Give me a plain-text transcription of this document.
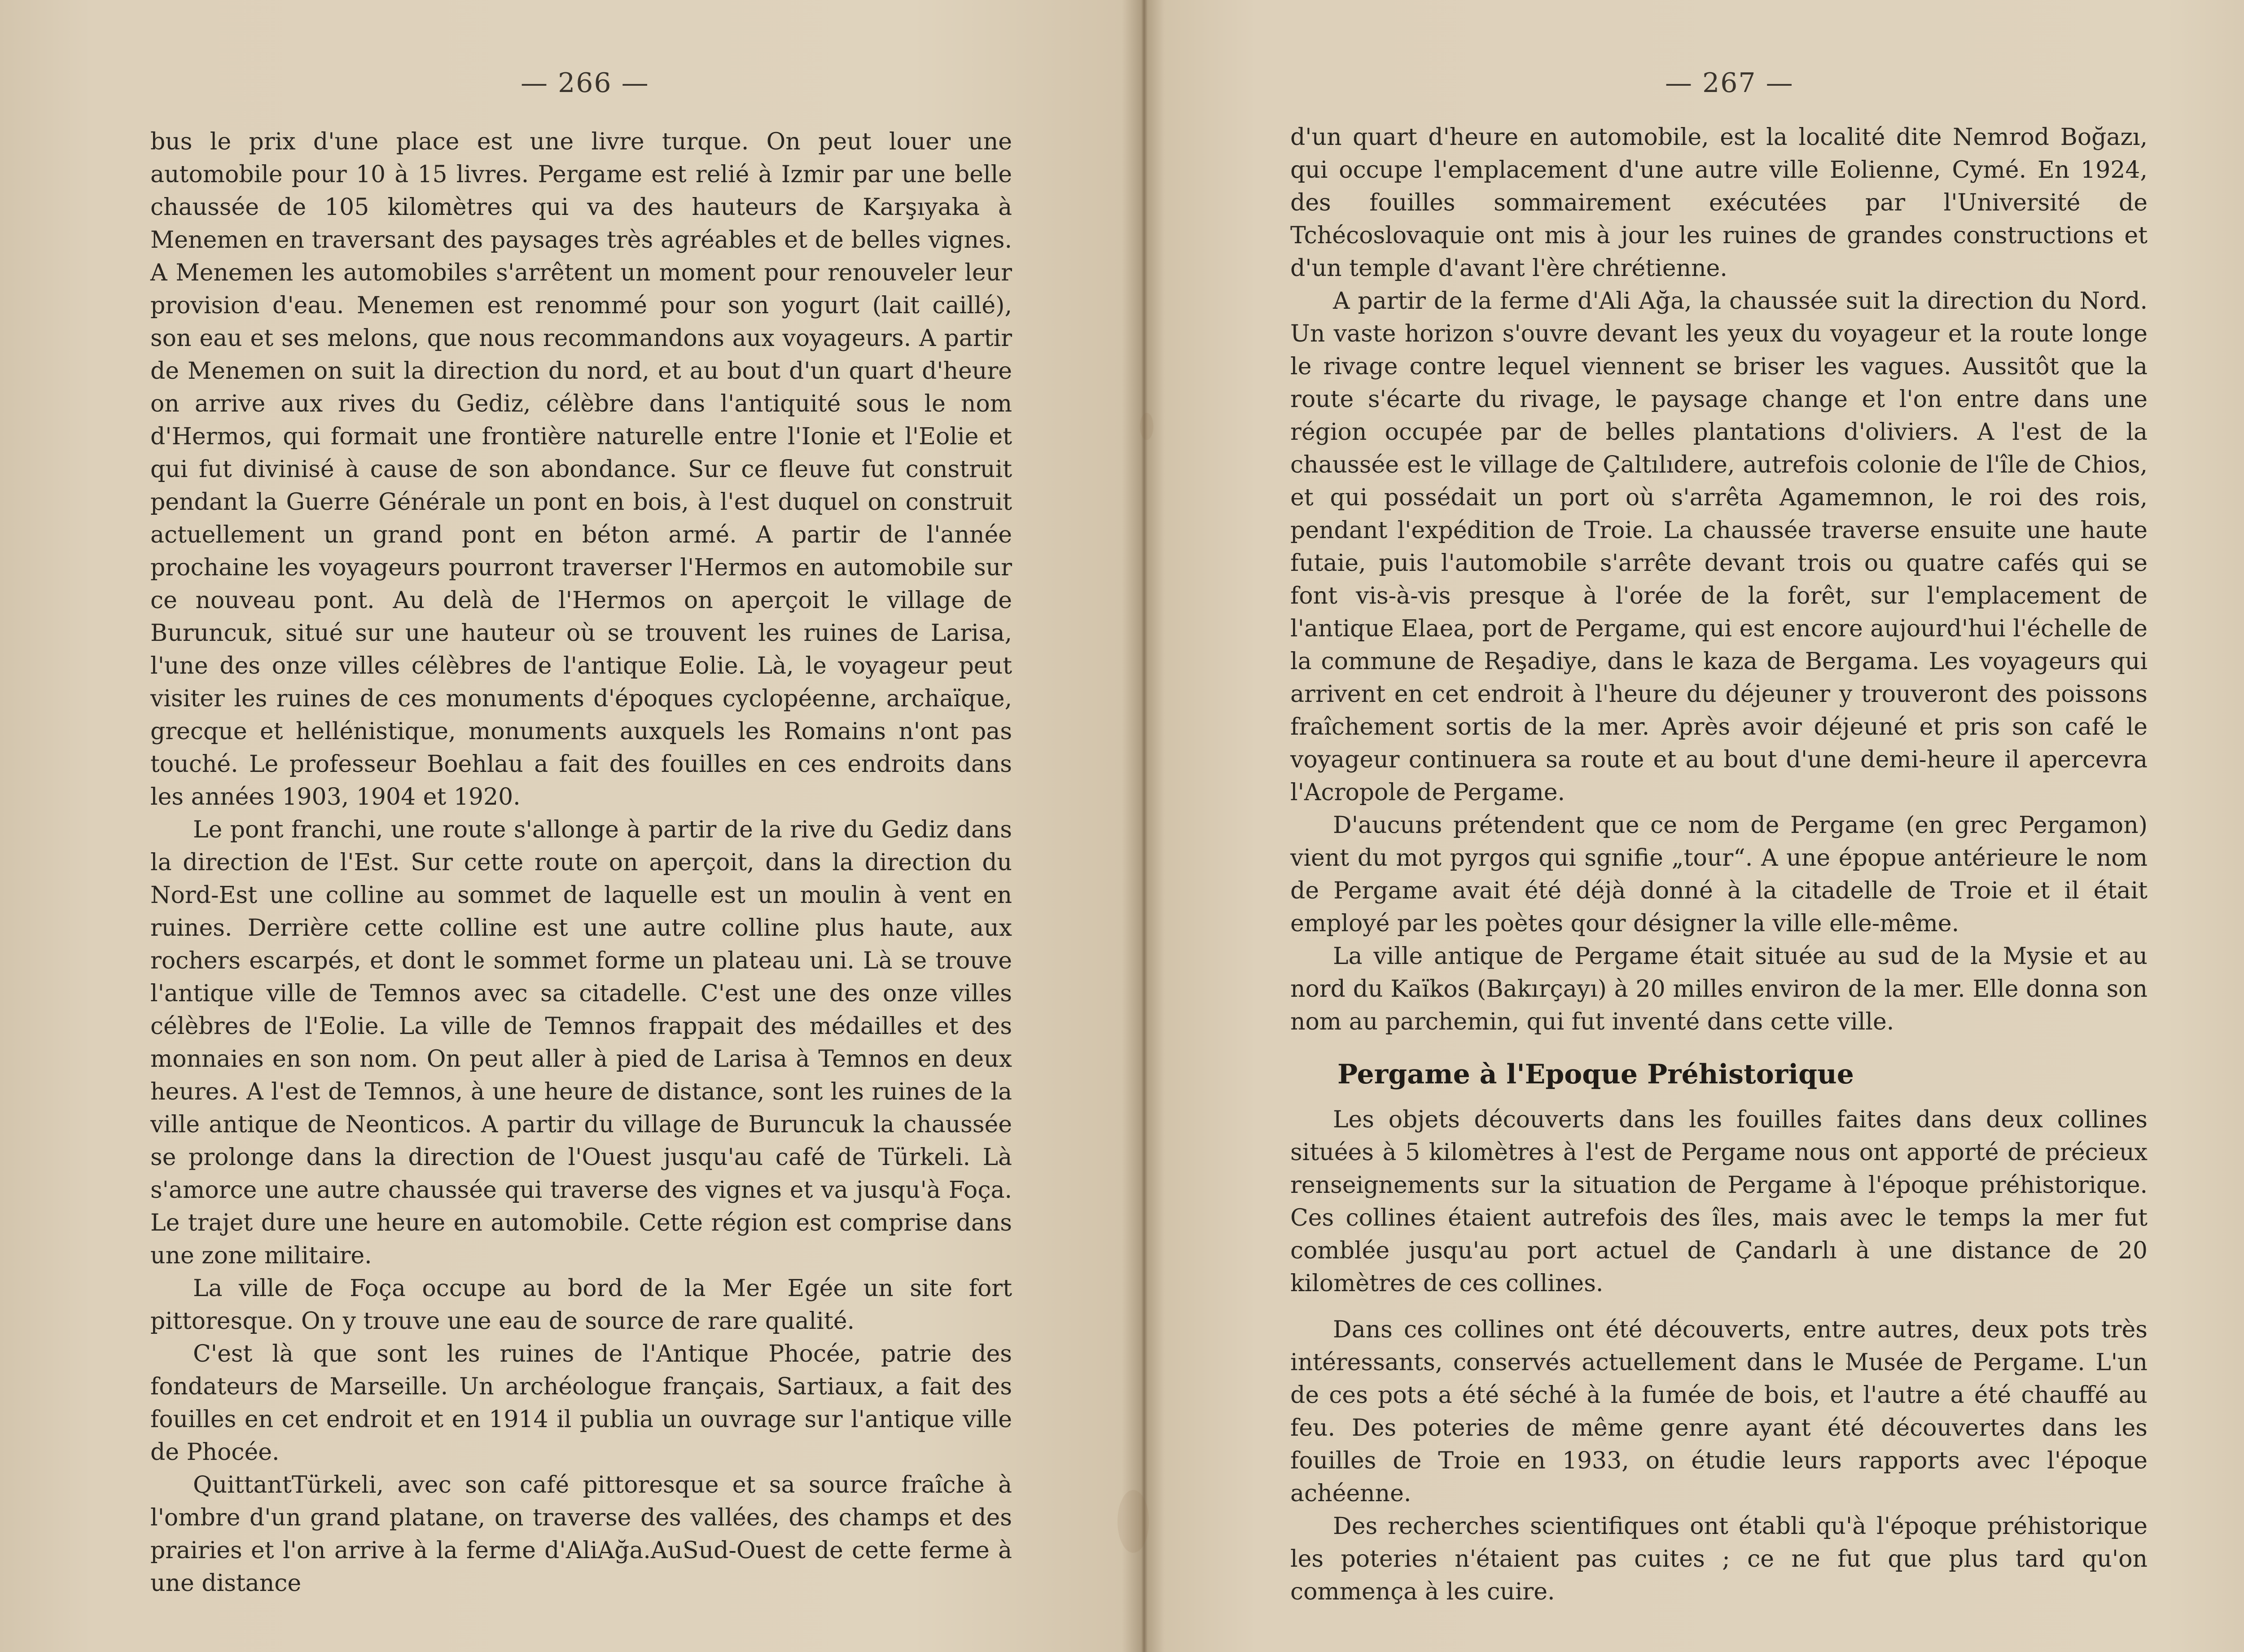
— 266 —

bus le prix d'une place est une livre turque. On peut louer une automobile pour 10 à 15 livres. Pergame est relié à Izmir par une belle chaussée de 105 kilomètres qui va des hauteurs de Karşıyaka à Menemen en traversant des paysages très agréables et de belles vignes. A Menemen les automobiles s'arrêtent un moment pour renouveler leur provision d'eau. Menemen est renommé pour son yogurt (lait caillé), son eau et ses melons, que nous recommandons aux voyageurs. A partir de Menemen on suit la direction du nord, et au bout d'un quart d'heure on arrive aux rives du Gediz, célèbre dans l'antiquité sous le nom d'Hermos, qui formait une frontière naturelle entre l'Ionie et l'Eolie et qui fut divinisé à cause de son abondance. Sur ce fleuve fut construit pendant la Guerre Générale un pont en bois, à l'est duquel on construit actuellement un grand pont en béton armé. A partir de l'année prochaine les voyageurs pourront traverser l'Hermos en automobile sur ce nouveau pont. Au delà de l'Hermos on aperçoit le village de Buruncuk, situé sur une hauteur où se trouvent les ruines de Larisa, l'une des onze villes célèbres de l'antique Eolie. Là, le voyageur peut visiter les ruines de ces monuments d'époques cyclopéenne, archaïque, grecque et hellénistique, monuments auxquels les Romains n'ont pas touché. Le professeur Boehlau a fait des fouilles en ces endroits dans les années 1903, 1904 et 1920.

Le pont franchi, une route s'allonge à partir de la rive du Gediz dans la direction de l'Est. Sur cette route on aperçoit, dans la direction du Nord-Est une colline au sommet de laquelle est un moulin à vent en ruines. Derrière cette colline est une autre colline plus haute, aux rochers escarpés, et dont le sommet forme un plateau uni. Là se trouve l'antique ville de Temnos avec sa citadelle. C'est une des onze villes célèbres de l'Eolie. La ville de Temnos frappait des médailles et des monnaies en son nom. On peut aller à pied de Larisa à Temnos en deux heures. A l'est de Temnos, à une heure de distance, sont les ruines de la ville antique de Neonticos. A partir du village de Buruncuk la chaussée se prolonge dans la direction de l'Ouest jusqu'au café de Türkeli. Là s'amorce une autre chaussée qui traverse des vignes et va jusqu'à Foça. Le trajet dure une heure en automobile. Cette région est comprise dans une zone militaire.

La ville de Foça occupe au bord de la Mer Egée un site fort pittoresque. On y trouve une eau de source de rare qualité.

C'est là que sont les ruines de l'Antique Phocée, patrie des fondateurs de Marseille. Un archéologue français, Sartiaux, a fait des fouilles en cet endroit et en 1914 il publia un ouvrage sur l'antique ville de Phocée.

QuittantTürkeli, avec son café pittoresque et sa source fraîche à l'ombre d'un grand platane, on traverse des vallées, des champs et des prairies et l'on arrive à la ferme d'AliAğa.AuSud-Ouest de cette ferme à une distance

— 267 —

d'un quart d'heure en automobile, est la localité dite Nemrod Boğazı, qui occupe l'emplacement d'une autre ville Eolienne, Cymé. En 1924, des fouilles sommairement exécutées par l'Université de Tchécoslovaquie ont mis à jour les ruines de grandes constructions et d'un temple d'avant l'ère chrétienne.

A partir de la ferme d'Ali Ağa, la chaussée suit la direction du Nord. Un vaste horizon s'ouvre devant les yeux du voyageur et la route longe le rivage contre lequel viennent se briser les vagues. Aussitôt que la route s'écarte du rivage, le paysage change et l'on entre dans une région occupée par de belles plantations d'oliviers. A l'est de la chaussée est le village de Çaltılıdere, autrefois colonie de l'île de Chios, et qui possédait un port où s'arrêta Agamemnon, le roi des rois, pendant l'expédition de Troie. La chaussée traverse ensuite une haute futaie, puis l'automobile s'arrête devant trois ou quatre cafés qui se font vis-à-vis presque à l'orée de la forêt, sur l'emplacement de l'antique Elaea, port de Pergame, qui est encore aujourd'hui l'échelle de la commune de Reşadiye, dans le kaza de Bergama. Les voyageurs qui arrivent en cet endroit à l'heure du déjeuner y trouveront des poissons fraîchement sortis de la mer. Après avoir déjeuné et pris son café le voyageur continuera sa route et au bout d'une demi-heure il apercevra l'Acropole de Pergame.

D'aucuns prétendent que ce nom de Pergame (en grec Pergamon) vient du mot pyrgos qui sgnifie „tour“. A une épopue antérieure le nom de Pergame avait été déjà donné à la citadelle de Troie et il était employé par les poètes qour désigner la ville elle-même.

La ville antique de Pergame était située au sud de la Mysie et au nord du Kaïkos (Bakırçayı) à 20 milles environ de la mer. Elle donna son nom au parchemin, qui fut inventé dans cette ville.

Pergame à l'Epoque Préhistorique

Les objets découverts dans les fouilles faites dans deux collines situées à 5 kilomètres à l'est de Pergame nous ont apporté de précieux renseignements sur la situation de Pergame à l'époque préhistorique. Ces collines étaient autrefois des îles, mais avec le temps la mer fut comblée jusqu'au port actuel de Çandarlı à une distance de 20 kilomètres de ces collines.

Dans ces collines ont été découverts, entre autres, deux pots très intéressants, conservés actuellement dans le Musée de Pergame. L'un de ces pots a été séché à la fumée de bois, et l'autre a été chauffé au feu. Des poteries de même genre ayant été découvertes dans les fouilles de Troie en 1933, on étudie leurs rapports avec l'époque achéenne.

Des recherches scientifiques ont établi qu'à l'époque préhistorique les poteries n'étaient pas cuites ; ce ne fut que plus tard qu'on commença à les cuire.
